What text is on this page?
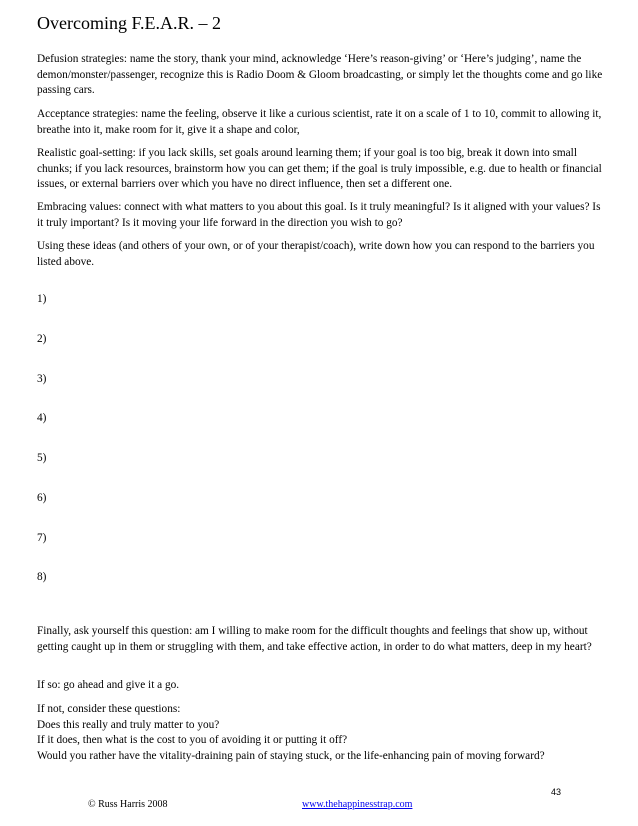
Overcoming F.E.A.R. – 2

Defusion strategies: name the story, thank your mind, acknowledge ‘Here’s reason-giving’ or ‘Here’s judging’, name the demon/monster/passenger, recognize this is Radio Doom & Gloom broadcasting, or simply let the thoughts come and go like passing cars.

Acceptance strategies: name the feeling, observe it like a curious scientist, rate it on a scale of 1 to 10, commit to allowing it, breathe into it, make room for it, give it a shape and color,

Realistic goal-setting: if you lack skills, set goals around learning them; if your goal is too big, break it down into small chunks; if you lack resources, brainstorm how you can get them; if the goal is truly impossible, e.g. due to health or financial issues, or external barriers over which you have no direct influence, then set a different one.

Embracing values: connect with what matters to you about this goal. Is it truly meaningful? Is it aligned with your values? Is it truly important? Is it moving your life forward in the direction you wish to go?

Using these ideas (and others of your own, or of your therapist/coach), write down how you can respond to the barriers you listed above.

1)
2)
3)
4)
5)
6)
7)
8)

Finally, ask yourself this question: am I willing to make room for the difficult thoughts and feelings that show up, without getting caught up in them or struggling with them, and take effective action, in order to do what matters, deep in my heart?

If so: go ahead and give it a go.

If not, consider these questions:
Does this really and truly matter to you?
If it does, then what is the cost to you of avoiding it or putting it off?
Would you rather have the vitality-draining pain of staying stuck, or the life-enhancing pain of moving forward?
43
© Russ Harris 2008	www.thehappinesstrap.com
